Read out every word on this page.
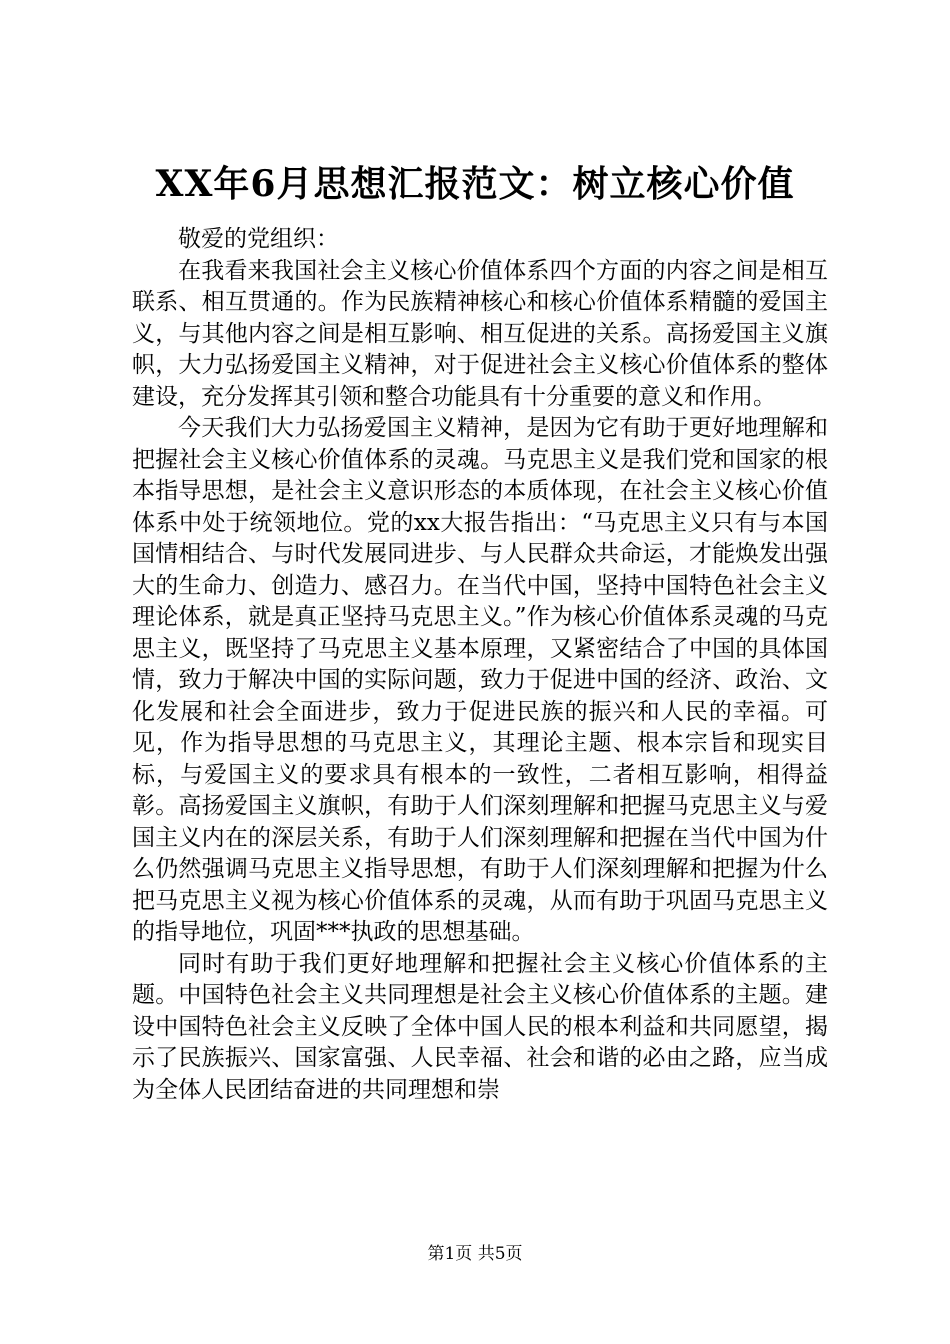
XX年6月思想汇报范文：树立核心价值

敬爱的党组织：

在我看来我国社会主义核心价值体系四个方面的内容之间是相互联系、相互贯通的。作为民族精神核心和核心价值体系精髓的爱国主义，与其他内容之间是相互影响、相互促进的关系。高扬爱国主义旗帜，大力弘扬爱国主义精神，对于促进社会主义核心价值体系的整体建设，充分发挥其引领和整合功能具有十分重要的意义和作用。

今天我们大力弘扬爱国主义精神，是因为它有助于更好地理解和把握社会主义核心价值体系的灵魂。马克思主义是我们党和国家的根本指导思想，是社会主义意识形态的本质体现，在社会主义核心价值体系中处于统领地位。党的xx大报告指出：“马克思主义只有与本国国情相结合、与时代发展同进步、与人民群众共命运，才能焕发出强大的生命力、创造力、感召力。在当代中国，坚持中国特色社会主义理论体系，就是真正坚持马克思主义。”作为核心价值体系灵魂的马克思主义，既坚持了马克思主义基本原理，又紧密结合了中国的具体国情，致力于解决中国的实际问题，致力于促进中国的经济、政治、文化发展和社会全面进步，致力于促进民族的振兴和人民的幸福。可见，作为指导思想的马克思主义，其理论主题、根本宗旨和现实目标，与爱国主义的要求具有根本的一致性，二者相互影响，相得益彰。高扬爱国主义旗帜，有助于人们深刻理解和把握马克思主义与爱国主义内在的深层关系，有助于人们深刻理解和把握在当代中国为什么仍然强调马克思主义指导思想，有助于人们深刻理解和把握为什么把马克思主义视为核心价值体系的灵魂，从而有助于巩固马克思主义的指导地位，巩固***执政的思想基础。

同时有助于我们更好地理解和把握社会主义核心价值体系的主题。中国特色社会主义共同理想是社会主义核心价值体系的主题。建设中国特色社会主义反映了全体中国人民的根本利益和共同愿望，揭示了民族振兴、国家富强、人民幸福、社会和谐的必由之路，应当成为全体人民团结奋进的共同理想和崇

第1页 共5页
